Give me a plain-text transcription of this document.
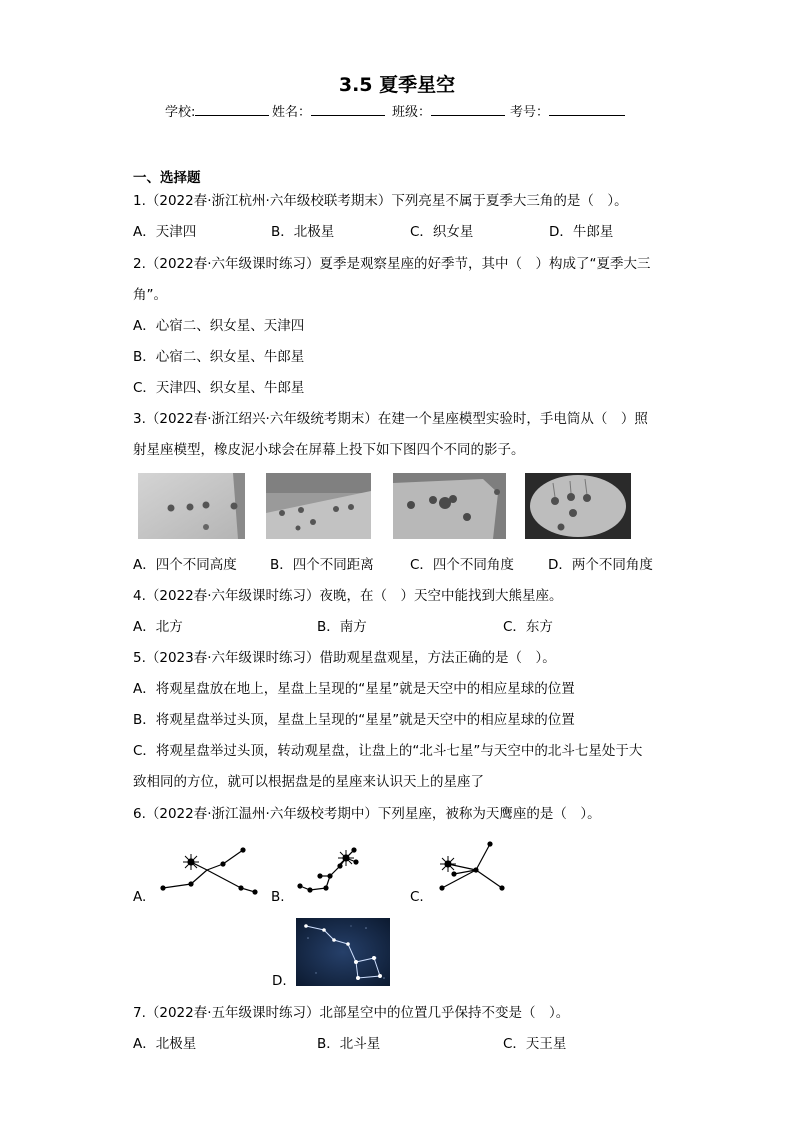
3.5 夏季星空
学校:	姓名：	班级：	考号：
一、选择题
1.（2022春·浙江杭州·六年级校联考期末）下列亮星不属于夏季大三角的是（　）。
A．天津四	B．北极星	C．织女星	D．牛郎星
2.（2022春·六年级课时练习）夏季是观察星座的好季节，其中（　）构成了“夏季大三
角”。
A．心宿二、织女星、天津四
B．心宿二、织女星、牛郎星
C．天津四、织女星、牛郎星
3.（2022春·浙江绍兴·六年级统考期末）在建一个星座模型实验时，手电筒从（　）照
射星座模型，橡皮泥小球会在屏幕上投下如下图四个不同的影子。
A．四个不同高度 B．四个不同距离	C．四个不同角度	D．两个不同角度
4.（2022春·六年级课时练习）夜晚，在（　）天空中能找到大熊星座。
A．北方	B．南方	C．东方
5.（2023春·六年级课时练习）借助观星盘观星，方法正确的是（　）。
A．将观星盘放在地上，星盘上呈现的“星星”就是天空中的相应星球的位置
B．将观星盘举过头顶，星盘上呈现的“星星”就是天空中的相应星球的位置
C．将观星盘举过头顶，转动观星盘，让盘上的“北斗七星”与天空中的北斗七星处于大
致相同的方位，就可以根据盘是的星座来认识天上的星座了
6.（2022春·浙江温州·六年级校考期中）下列星座，被称为天鹰座的是（　）。
A.	B.	C.
D.
7.（2022春·五年级课时练习）北部星空中的位置几乎保持不变是（　）。
A．北极星	B．北斗星	C．天王星
